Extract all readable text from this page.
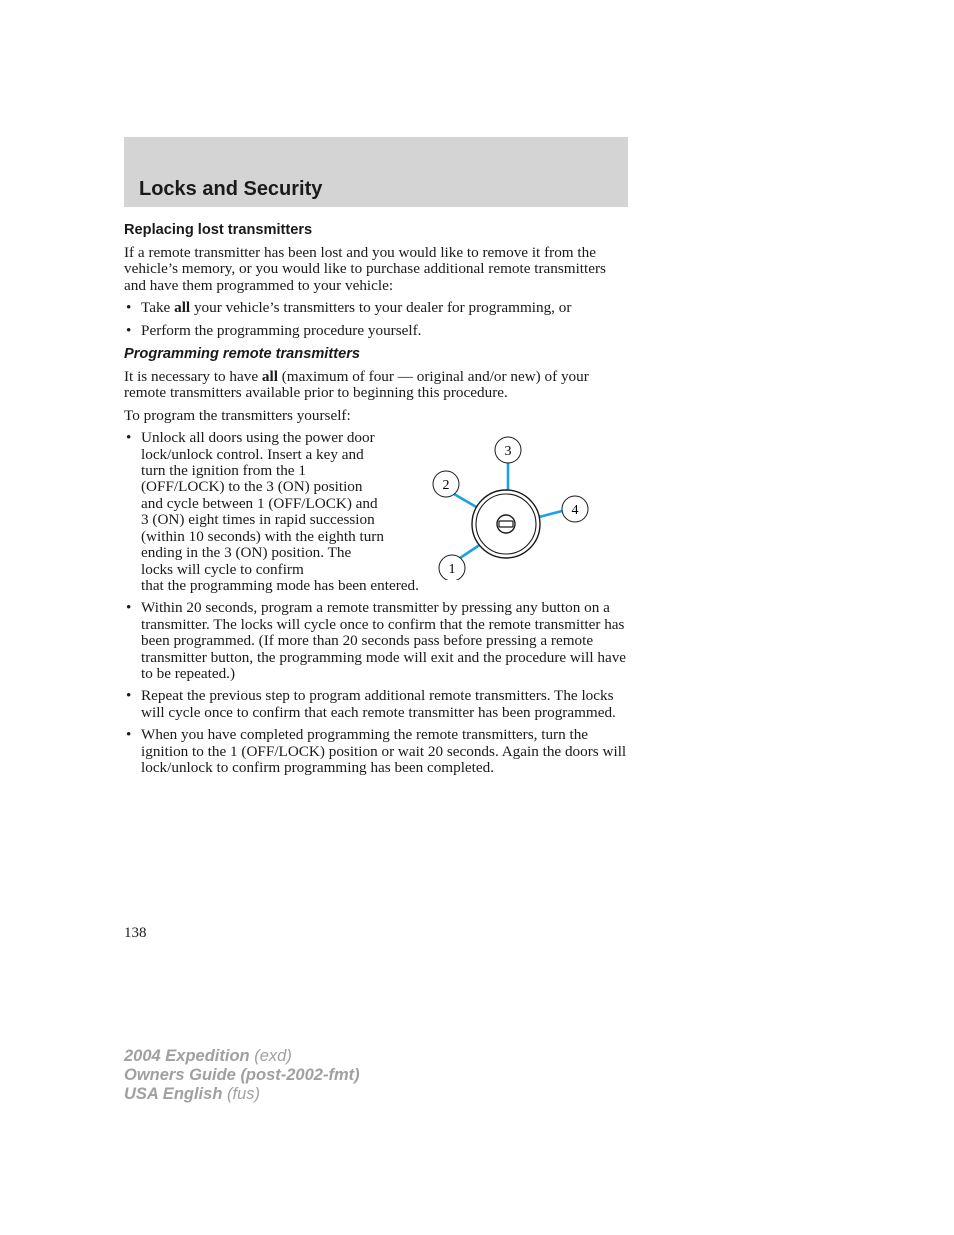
Locks and Security
Replacing lost transmitters

If a remote transmitter has been lost and you would like to remove it from the vehicle’s memory, or you would like to purchase additional remote transmitters and have them programmed to your vehicle:

• Take all your vehicle’s transmitters to your dealer for programming, or
• Perform the programming procedure yourself.
Programming remote transmitters

It is necessary to have all (maximum of four — original and/or new) of your remote transmitters available prior to beginning this procedure.

To program the transmitters yourself:

• Unlock all doors using the power door lock/unlock control. Insert a key and turn the ignition from the 1 (OFF/LOCK) to the 3 (ON) position and cycle between 1 (OFF/LOCK) and 3 (ON) eight times in rapid succession (within 10 seconds) with the eighth turn ending in the 3 (ON) position. The locks will cycle to confirm
that the programming mode has been entered.
1
2
3
4
• Within 20 seconds, program a remote transmitter by pressing any button on a transmitter. The locks will cycle once to confirm that the remote transmitter has been programmed. (If more than 20 seconds pass before pressing a remote transmitter button, the programming mode will exit and the procedure will have to be repeated.)
• Repeat the previous step to program additional remote transmitters. The locks will cycle once to confirm that each remote transmitter has been programmed.
• When you have completed programming the remote transmitters, turn the ignition to the 1 (OFF/LOCK) position or wait 20 seconds. Again the doors will lock/unlock to confirm programming has been completed.
138
2004 Expedition (exd)
Owners Guide (post-2002-fmt)
USA English (fus)
